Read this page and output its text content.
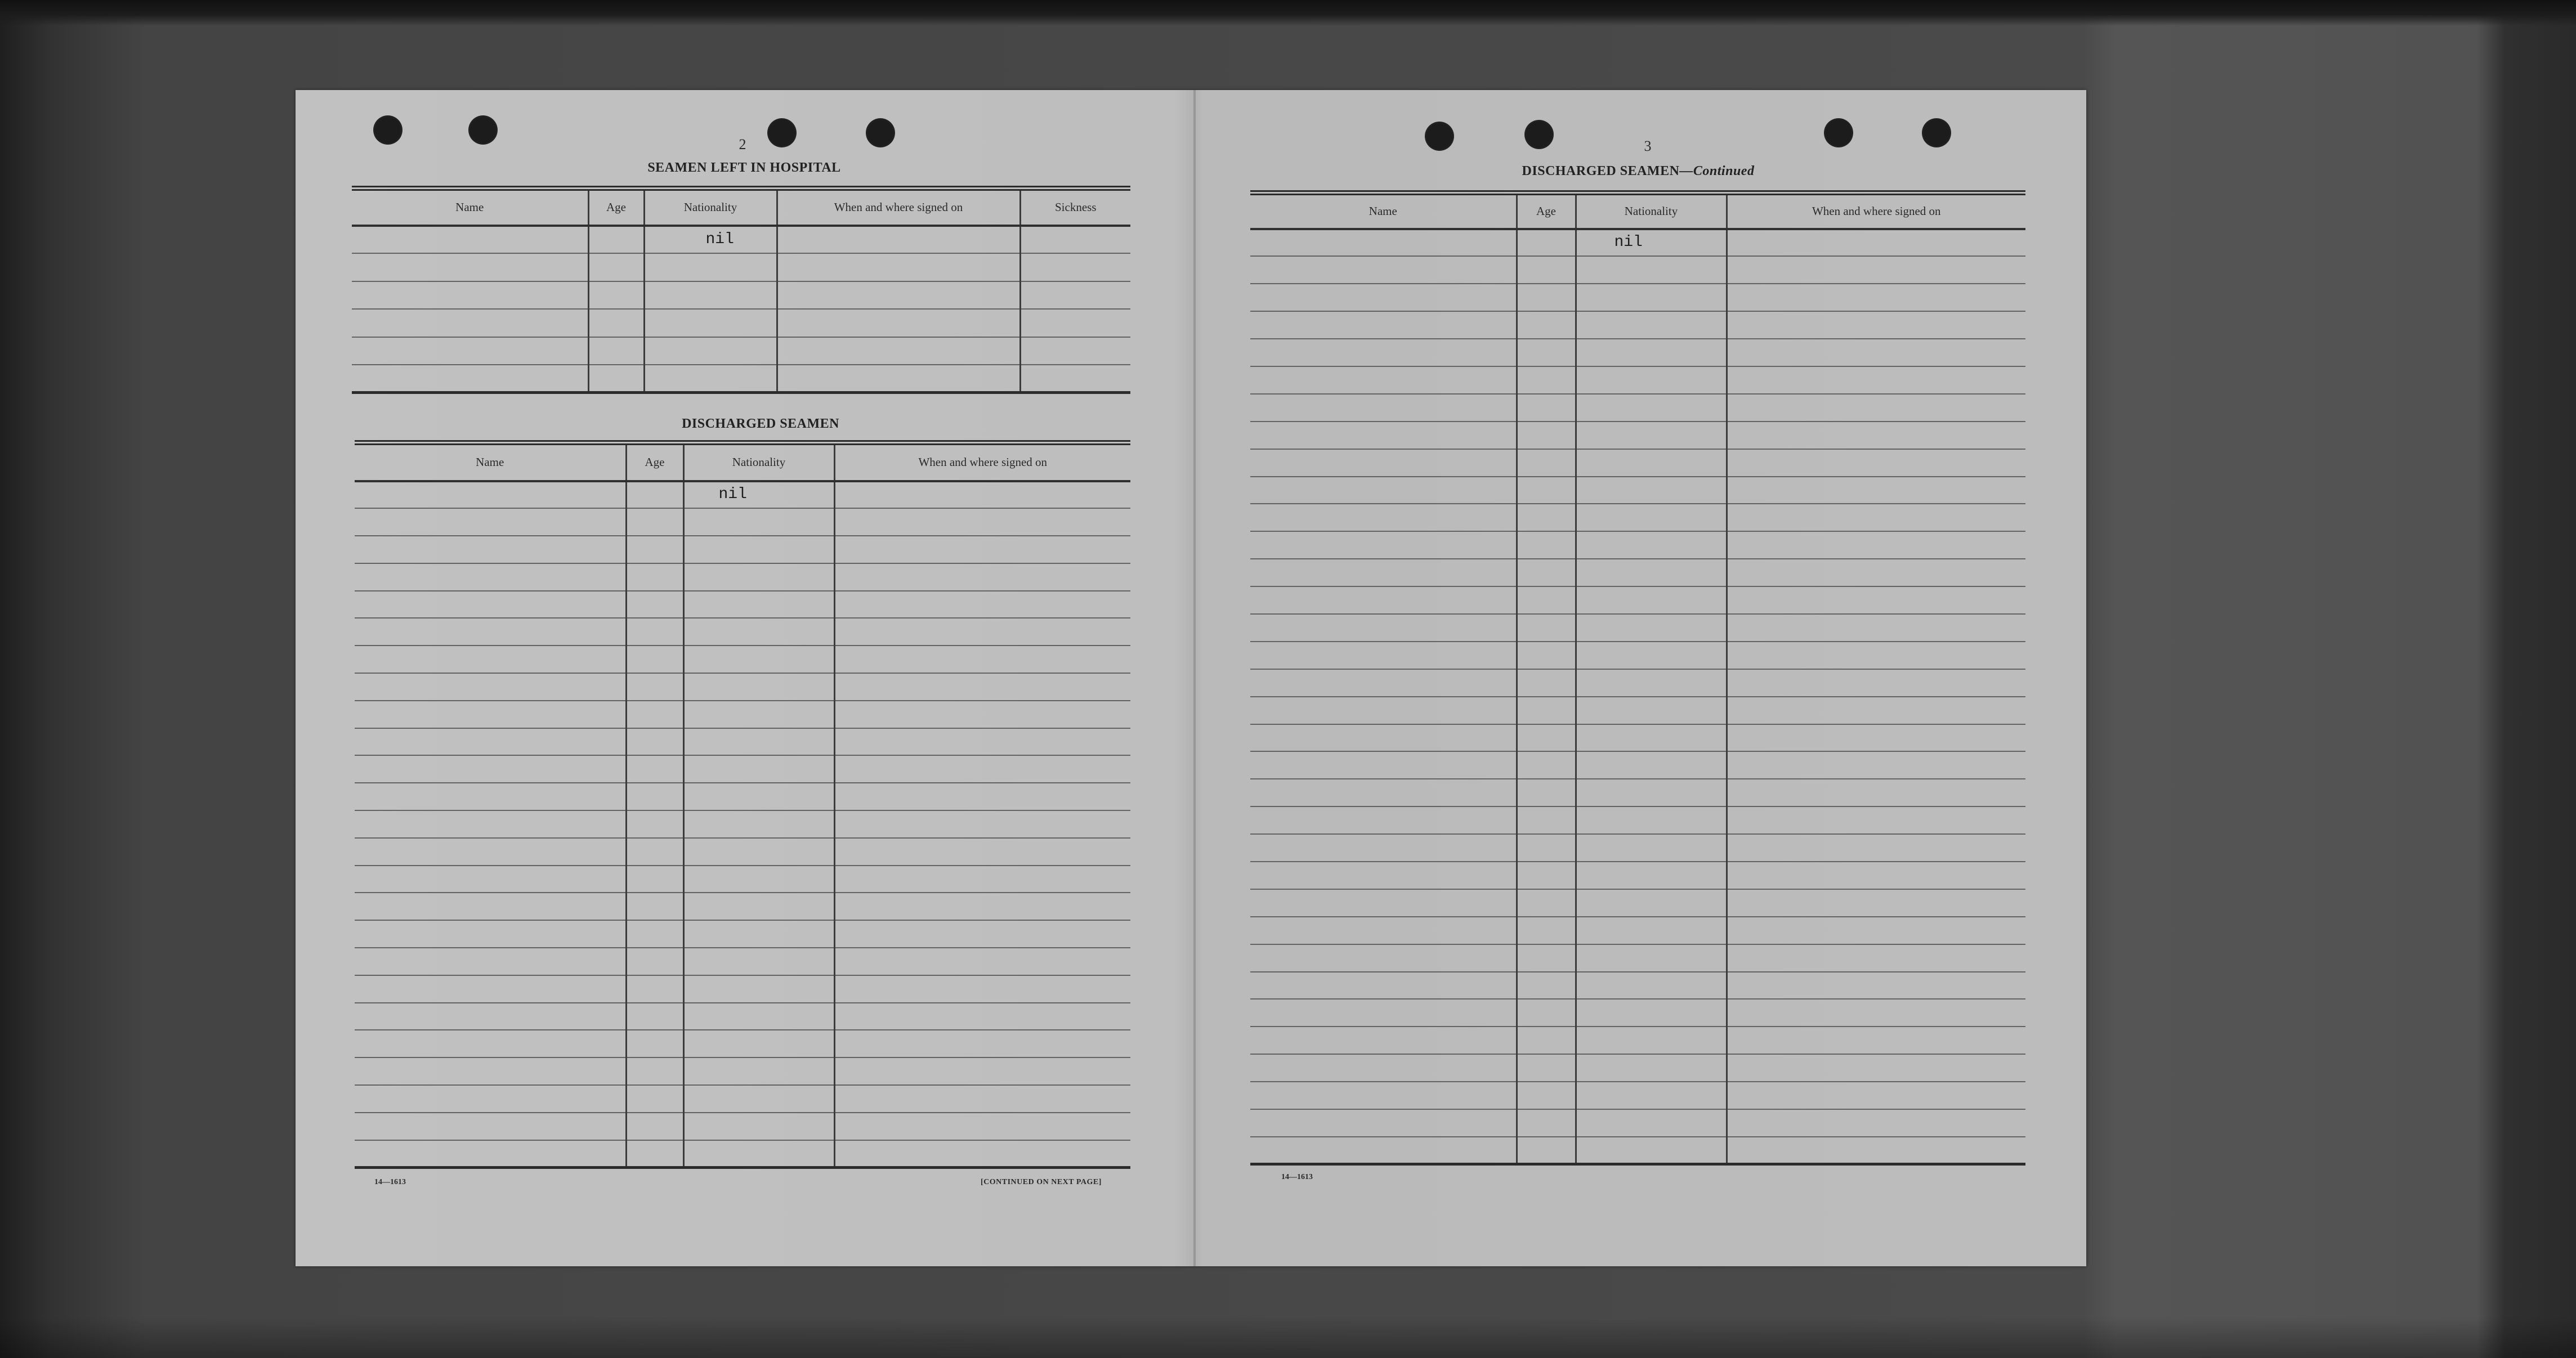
2
SEAMEN LEFT IN HOSPITAL
Name	Age	Nationality	When and where signed on	Sickness
		nil		

DISCHARGED SEAMEN
Name	Age	Nationality	When and where signed on
		nil	

14—1613	[CONTINUED ON NEXT PAGE]
3
DISCHARGED SEAMEN—Continued
Name	Age	Nationality	When and where signed on
		nil	

14—1613
